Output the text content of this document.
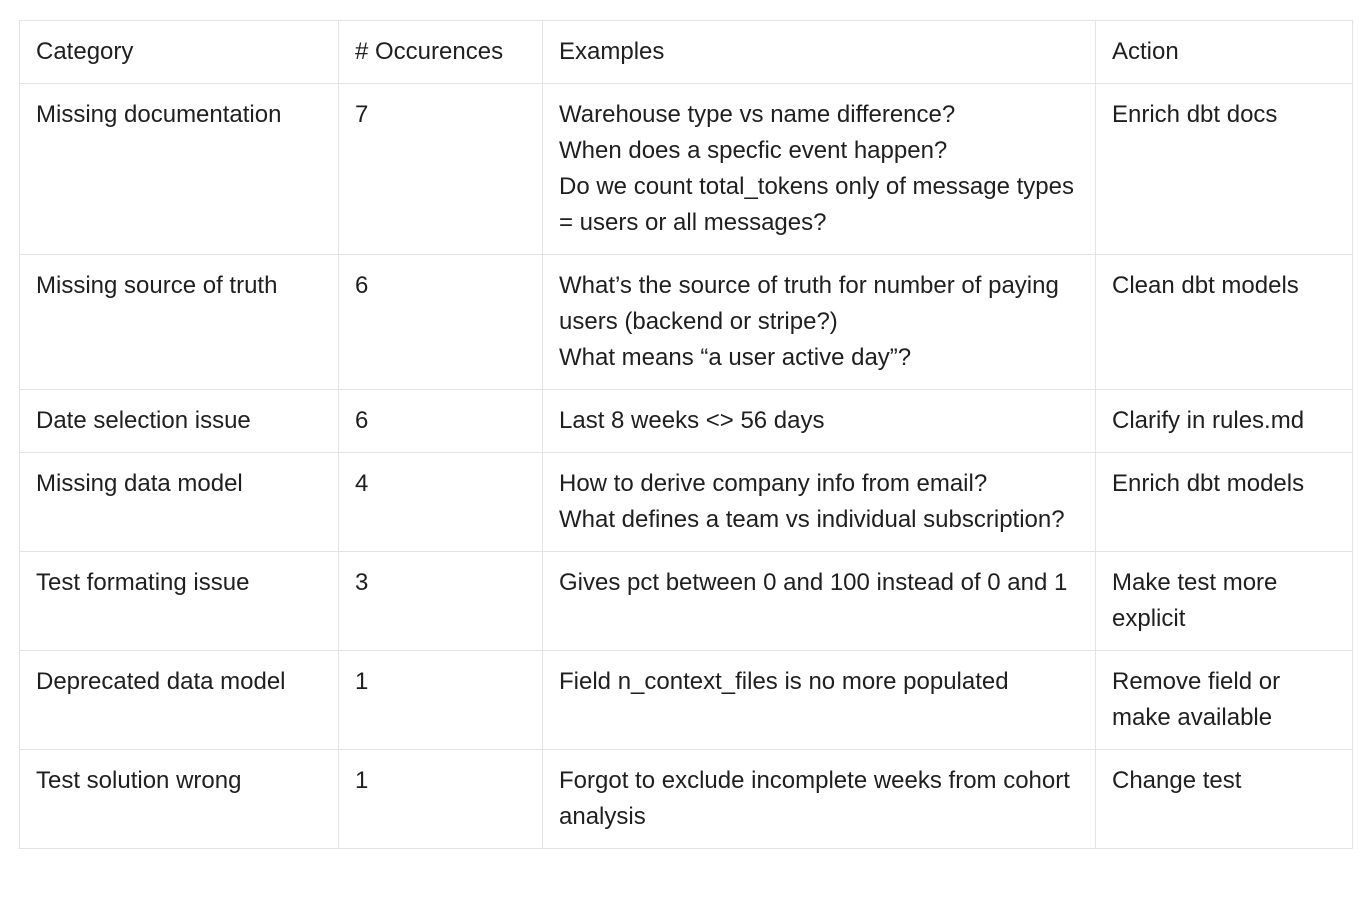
Category	# Occurences	Examples	Action
Missing documentation	7	Warehouse type vs name difference?
When does a specfic event happen?
Do we count total_tokens only of message types = users or all messages?	Enrich dbt docs
Missing source of truth	6	What’s the source of truth for number of paying users (backend or stripe?)
What means “a user active day”?	Clean dbt models
Date selection issue	6	Last 8 weeks <> 56 days	Clarify in rules.md
Missing data model	4	How to derive company info from email?
What defines a team vs individual subscription?	Enrich dbt models
Test formating issue	3	Gives pct between 0 and 100 instead of 0 and 1	Make test more explicit
Deprecated data model	1	Field n_context_files is no more populated	Remove field or make available
Test solution wrong	1	Forgot to exclude incomplete weeks from cohort analysis	Change test
